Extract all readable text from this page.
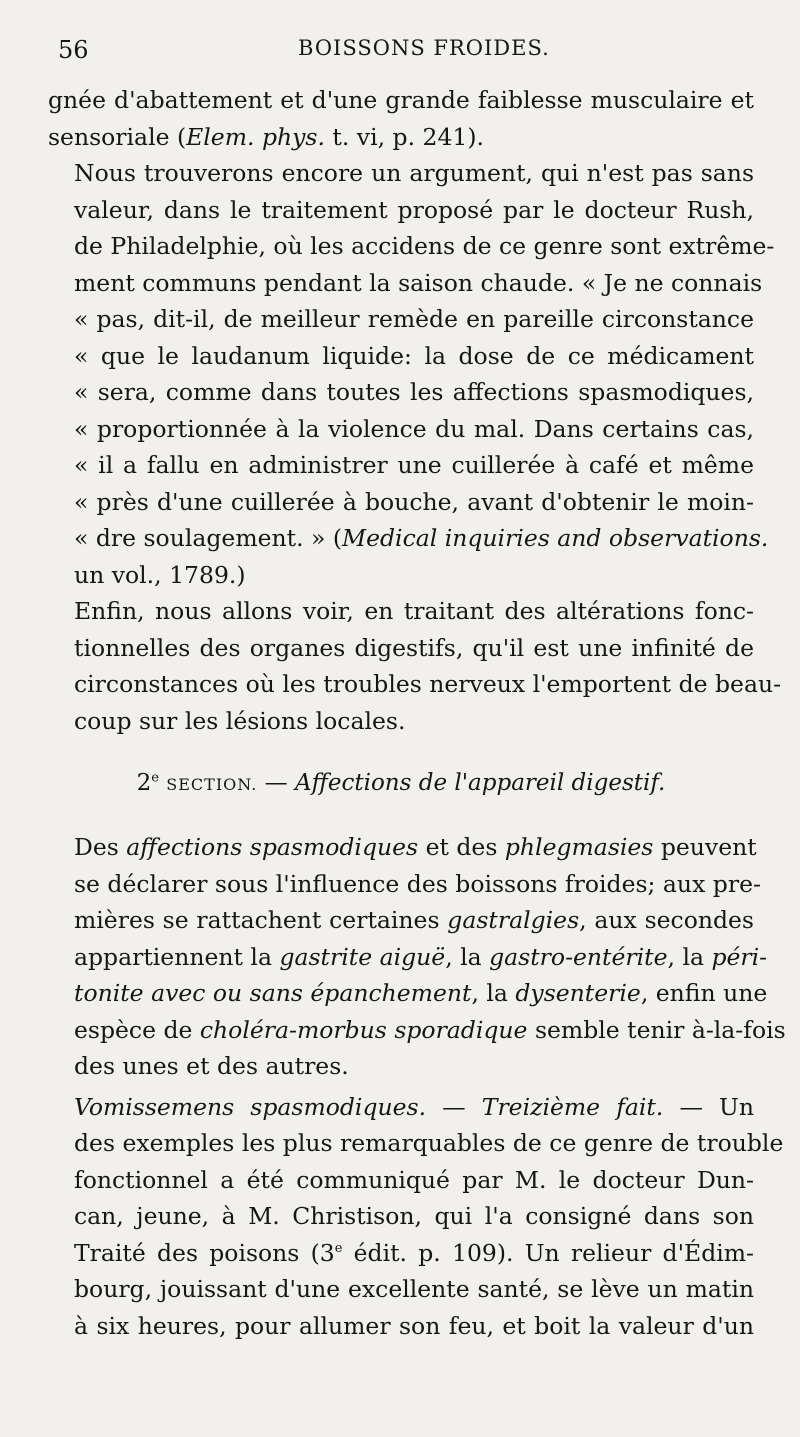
56	BOISSONS FROIDES.

gnée d'abattement et d'une grande faiblesse musculaire et
sensoriale (Elem. phys. t. vi, p. 241).

Nous trouverons encore un argument, qui n'est pas sans
valeur, dans le traitement proposé par le docteur Rush,
de Philadelphie, où les accidens de ce genre sont extrême-
ment communs pendant la saison chaude. « Je ne connais
« pas, dit-il, de meilleur remède en pareille circonstance
« que le laudanum liquide: la dose de ce médicament
« sera, comme dans toutes les affections spasmodiques,
« proportionnée à la violence du mal. Dans certains cas,
« il a fallu en administrer une cuillerée à café et même
« près d'une cuillerée à bouche, avant d'obtenir le moin-
« dre soulagement. » (Medical inquiries and observations.
un vol., 1789.)

Enfin, nous allons voir, en traitant des altérations fonc-
tionnelles des organes digestifs, qu'il est une infinité de
circonstances où les troubles nerveux l'emportent de beau-
coup sur les lésions locales.

2e SECTION. — Affections de l'appareil digestif.

Des affections spasmodiques et des phlegmasies peuvent
se déclarer sous l'influence des boissons froides; aux pre-
mières se rattachent certaines gastralgies, aux secondes
appartiennent la gastrite aiguë, la gastro-entérite, la péri-
tonite avec ou sans épanchement, la dysenterie, enfin une
espèce de choléra-morbus sporadique semble tenir à-la-fois
des unes et des autres.

Vomissemens spasmodiques. — Treizième fait. — Un
des exemples les plus remarquables de ce genre de trouble
fonctionnel a été communiqué par M. le docteur Dun-
can, jeune, à M. Christison, qui l'a consigné dans son
Traité des poisons (3e édit. p. 109). Un relieur d'Édim-
bourg, jouissant d'une excellente santé, se lève un matin
à six heures, pour allumer son feu, et boit la valeur d'un
